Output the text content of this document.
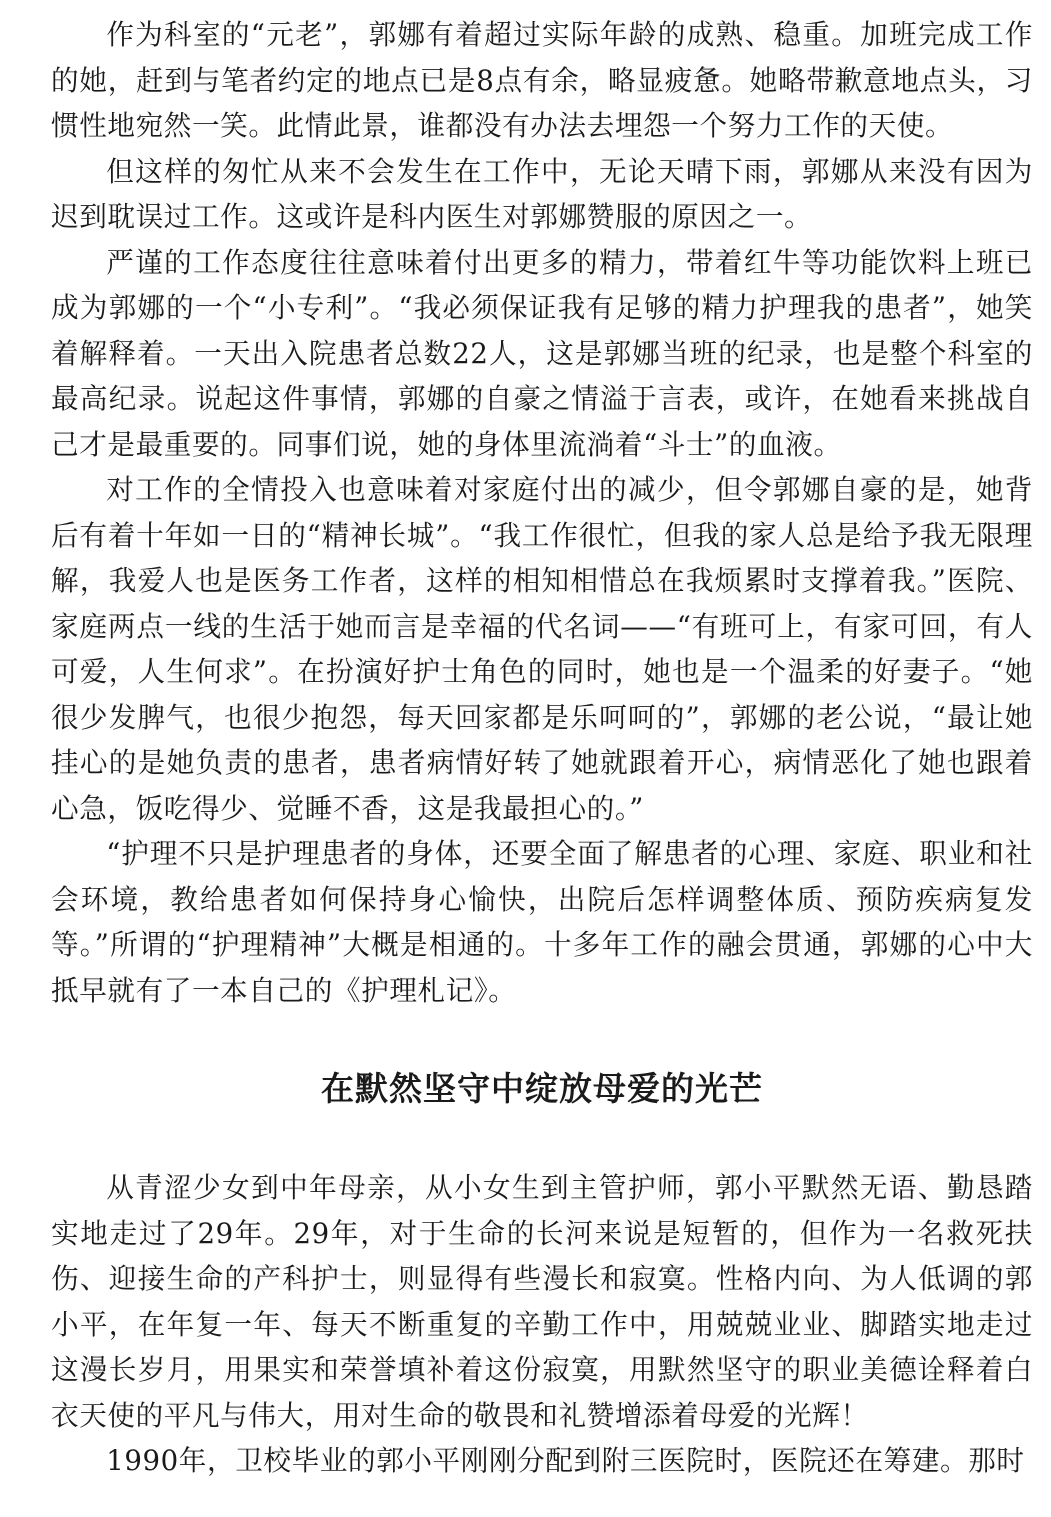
作为科室的“元老”，郭娜有着超过实际年龄的成熟、稳重。加班完成工作的她，赶到与笔者约定的地点已是8点有余，略显疲惫。她略带歉意地点头，习惯性地宛然一笑。此情此景，谁都没有办法去埋怨一个努力工作的天使。

但这样的匆忙从来不会发生在工作中，无论天晴下雨，郭娜从来没有因为迟到耽误过工作。这或许是科内医生对郭娜赞服的原因之一。

严谨的工作态度往往意味着付出更多的精力，带着红牛等功能饮料上班已成为郭娜的一个“小专利”。“我必须保证我有足够的精力护理我的患者”，她笑着解释着。一天出入院患者总数22人，这是郭娜当班的纪录，也是整个科室的最高纪录。说起这件事情，郭娜的自豪之情溢于言表，或许，在她看来挑战自己才是最重要的。同事们说，她的身体里流淌着“斗士”的血液。

对工作的全情投入也意味着对家庭付出的减少，但令郭娜自豪的是，她背后有着十年如一日的“精神长城”。“我工作很忙，但我的家人总是给予我无限理解，我爱人也是医务工作者，这样的相知相惜总在我烦累时支撑着我。”医院、家庭两点一线的生活于她而言是幸福的代名词——“有班可上，有家可回，有人可爱，人生何求”。在扮演好护士角色的同时，她也是一个温柔的好妻子。“她很少发脾气，也很少抱怨，每天回家都是乐呵呵的”，郭娜的老公说，“最让她挂心的是她负责的患者，患者病情好转了她就跟着开心，病情恶化了她也跟着心急，饭吃得少、觉睡不香，这是我最担心的。”

“护理不只是护理患者的身体，还要全面了解患者的心理、家庭、职业和社会环境，教给患者如何保持身心愉快，出院后怎样调整体质、预防疾病复发等。”所谓的“护理精神”大概是相通的。十多年工作的融会贯通，郭娜的心中大抵早就有了一本自己的《护理札记》。

在默然坚守中绽放母爱的光芒

从青涩少女到中年母亲，从小女生到主管护师，郭小平默然无语、勤恳踏实地走过了29年。29年，对于生命的长河来说是短暂的，但作为一名救死扶伤、迎接生命的产科护士，则显得有些漫长和寂寞。性格内向、为人低调的郭小平，在年复一年、每天不断重复的辛勤工作中，用兢兢业业、脚踏实地走过这漫长岁月，用果实和荣誉填补着这份寂寞，用默然坚守的职业美德诠释着白衣天使的平凡与伟大，用对生命的敬畏和礼赞增添着母爱的光辉！

1990年，卫校毕业的郭小平刚刚分配到附三医院时，医院还在筹建。那时
